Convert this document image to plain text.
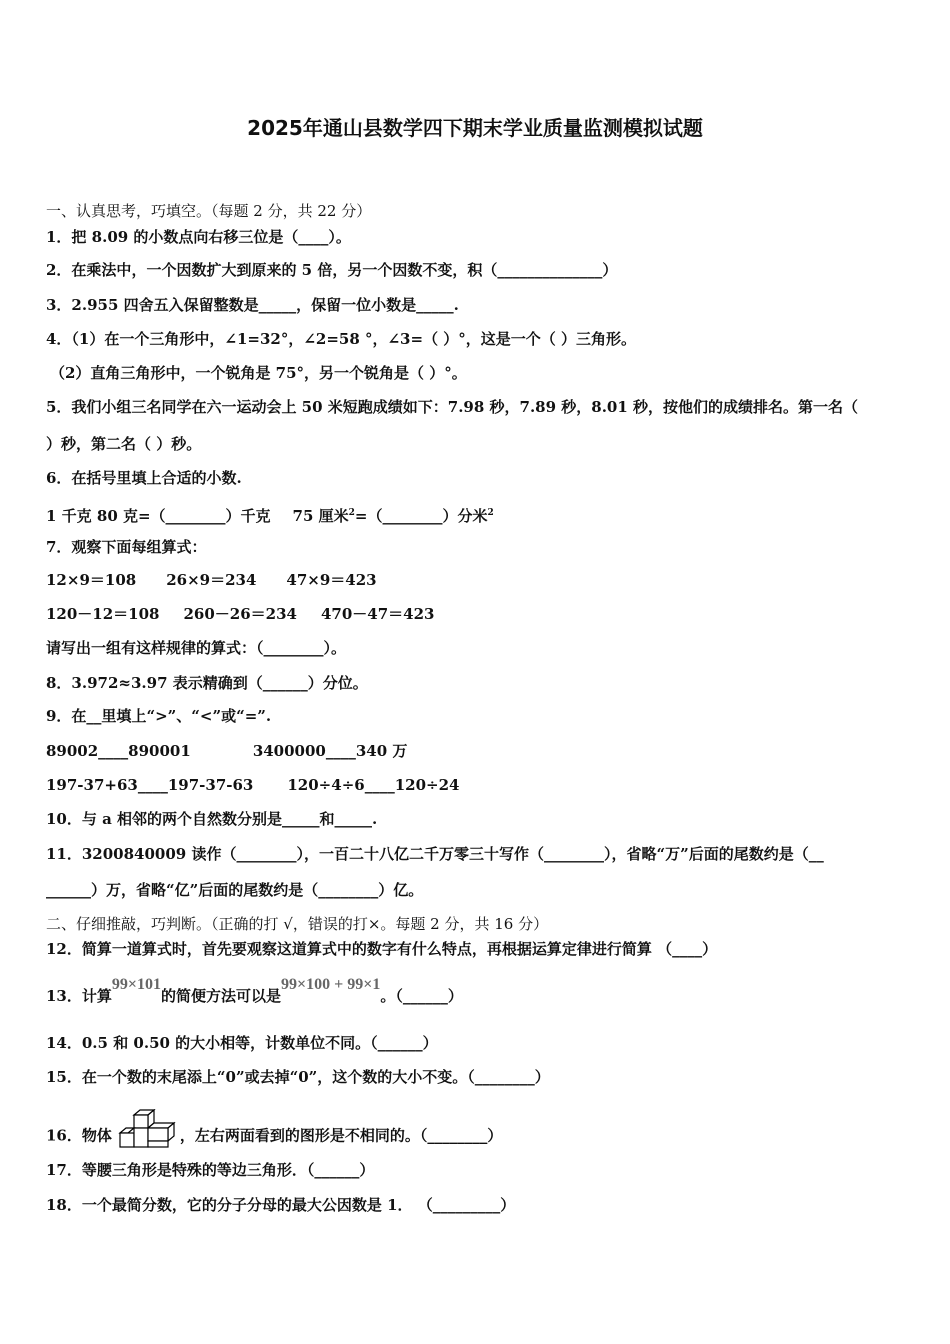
2025年通山县数学四下期末学业质量监测模拟试题
一、认真思考，巧填空。（每题 2 分，共 22 分）
1．把 8.09 的小数点向右移三位是（____）。
2．在乘法中，一个因数扩大到原来的 5 倍，另一个因数不变，积（______________）
3．2.955 四舍五入保留整数是_____，保留一位小数是_____.
4．（1）在一个三角形中，∠1=32°，∠2=58 °，∠3=（ ）°，这是一个（ ）三角形。
（2）直角三角形中，一个锐角是 75°，另一个锐角是（ ）°。
5．我们小组三名同学在六一运动会上 50 米短跑成绩如下：7.98 秒，7.89 秒，8.01 秒，按他们的成绩排名。第一名（
）秒，第二名（ ）秒。
6．在括号里填上合适的小数.
1 千克 80 克=（________）千克 75 厘米$^2$=（________）分米$^2$
7．观察下面每组算式：
12×9＝108 26×9＝234 47×9＝423
120－12＝108 260－26＝234 470－47＝423
请写出一组有这样规律的算式：（________）。
8．3.972≈3.97 表示精确到（______）分位。
9．在__里填上“>”、“<”或“=”.
89002____890001	3400000____340 万
197-37+63____197-37-63 120÷4÷6____120÷24
10．与 a 相邻的两个自然数分别是_____和_____.
11．3200840009 读作（________），一百二十八亿二千万零三十写作（________），省略“万”后面的尾数约是（__
______）万，省略“亿”后面的尾数约是（________）亿。
二、仔细推敲，巧判断。（正确的打 √，错误的打×。每题 2 分，共 16 分）
12．简算一道算式时，首先要观察这道算式中的数字有什么特点，再根据运算定律进行简算 （____）
13．计算99×101的简便方法可以是99×100 + 99×1。（______）
14．0.5 和 0.50 的大小相等，计数单位不同。（______）
15．在一个数的末尾添上“0”或去掉“0”，这个数的大小不变。（________）
16．物体	，左右两面看到的图形是不相同的。（________）
17．等腰三角形是特殊的等边三角形．（______）
18．一个最简分数，它的分子分母的最大公因数是 1． （_________）
